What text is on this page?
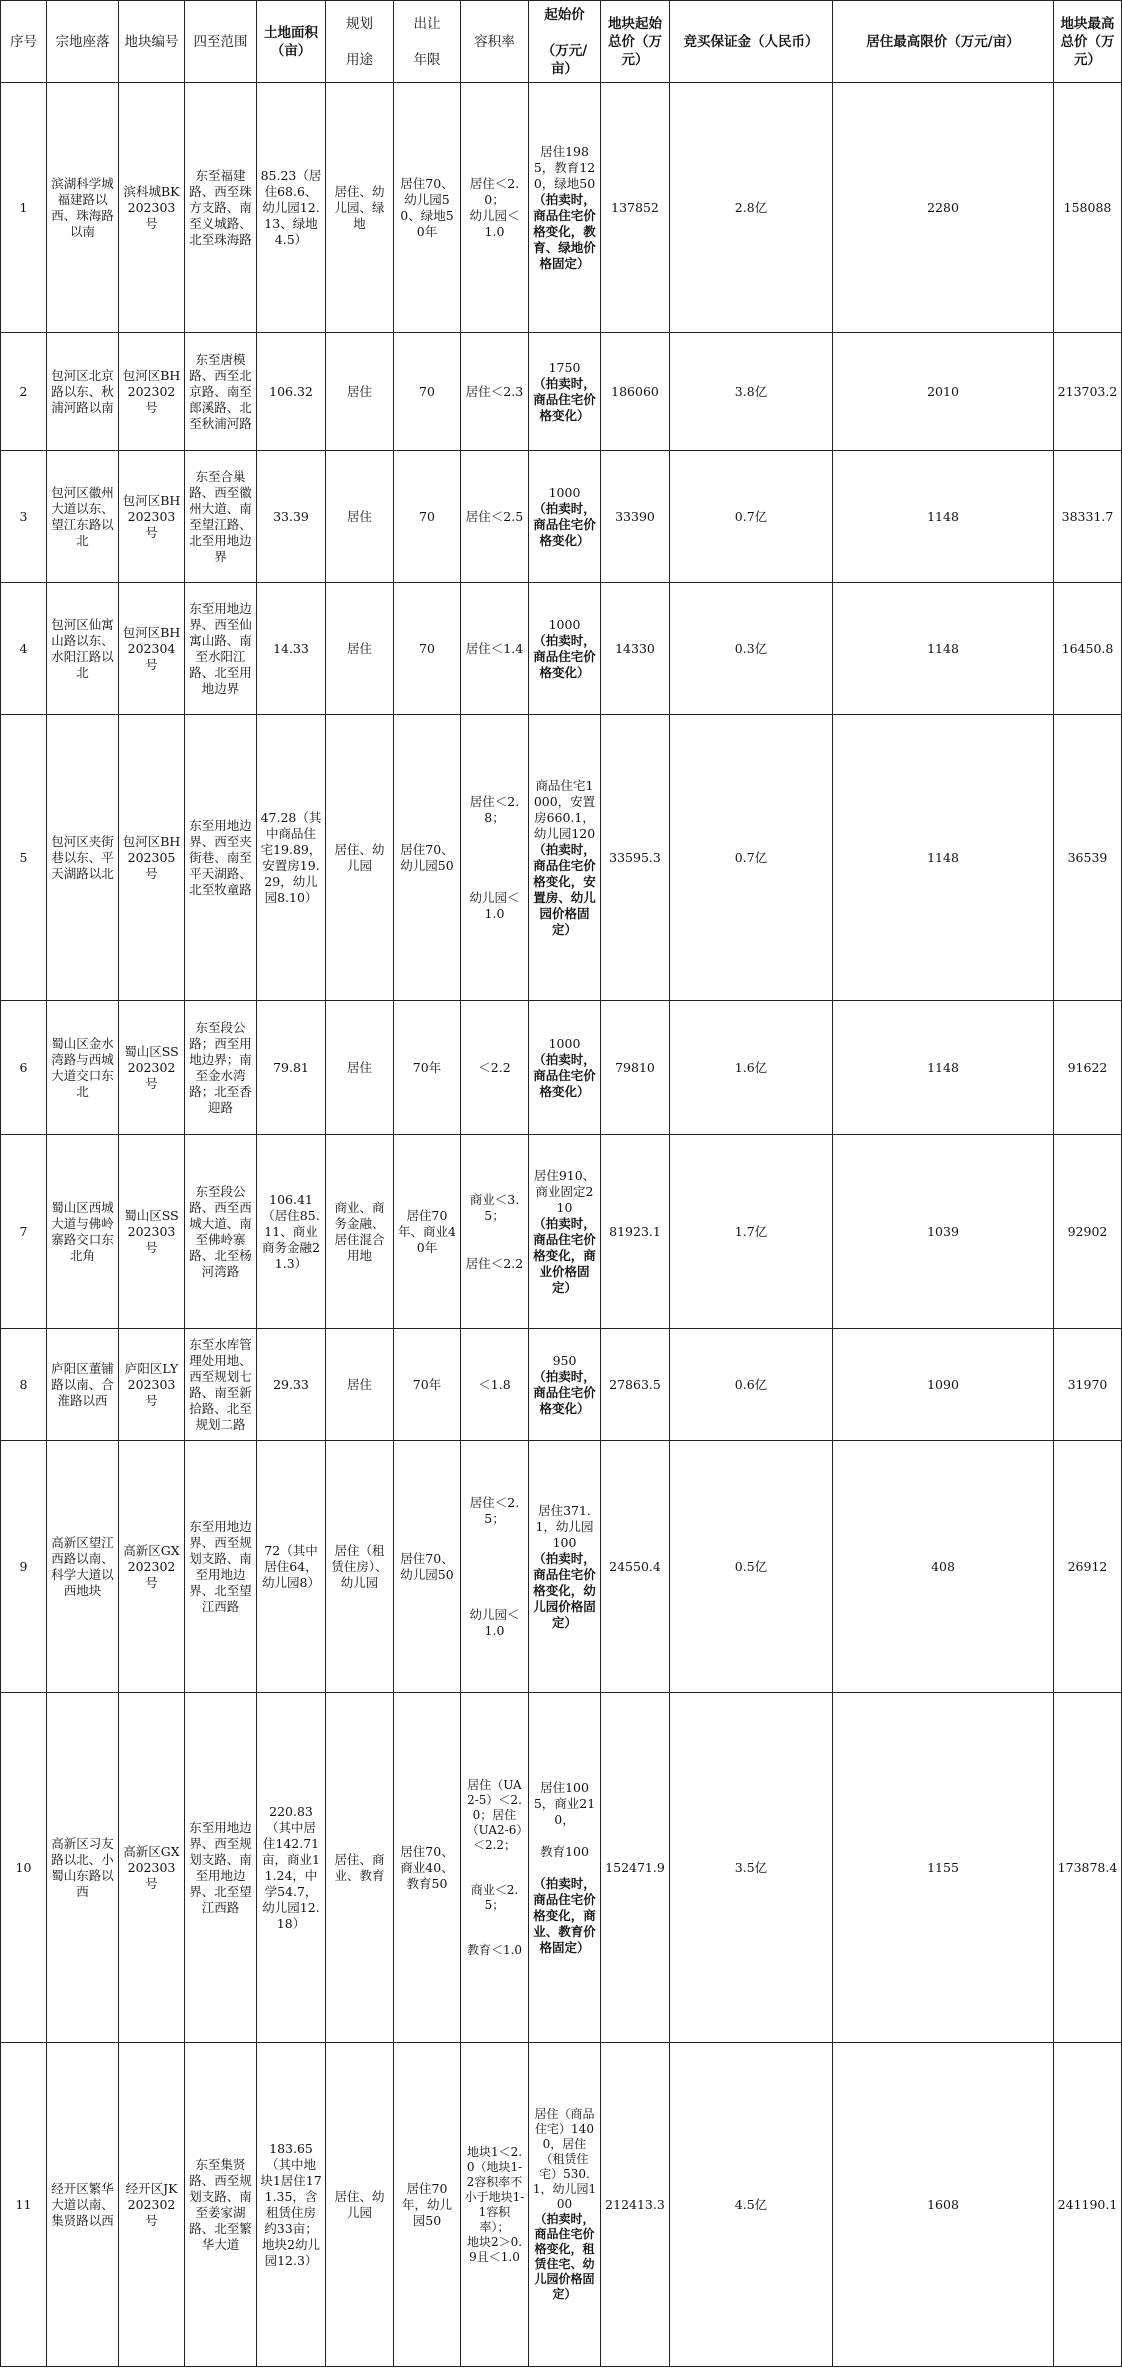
序号	宗地座落	地块编号	四至范围	土地面积（亩）	规划

用途	出让

年限	容积率	起始价

（万元/亩）	地块起始总价（万元）	竞买保证金（人民币）	居住最高限价（万元/亩）	地块最高总价（万元）
1	滨湖科学城福建路以西、珠海路以南	滨科城BK202303号	东至福建路、西至珠方支路、南至义城路、北至珠海路	85.23（居住68.6、幼儿园12.13、绿地4.5）	居住、幼儿园、绿地	居住70、幼儿园50、绿地50年	居住＜2.0；
幼儿园＜1.0	居住1985，教育120，绿地50
（拍卖时，商品住宅价格变化，教育、绿地价格固定）	137852	2.8亿	2280	158088
2	包河区北京路以东、秋浦河路以南	包河区BH202302号	东至唐模路、西至北京路、南至郎溪路、北至秋浦河路	106.32	居住	70	居住＜2.3	1750
（拍卖时，商品住宅价格变化）	186060	3.8亿	2010	213703.2
3	包河区徽州大道以东、望江东路以北	包河区BH202303号	东至合巢路、西至徽州大道、南至望江路、北至用地边界	33.39	居住	70	居住＜2.5	1000
（拍卖时，商品住宅价格变化）	33390	0.7亿	1148	38331.7
4	包河区仙寓山路以东、水阳江路以北	包河区BH202304号	东至用地边界、西至仙寓山路、南至水阳江路、北至用地边界	14.33	居住	70	居住＜1.4	1000
（拍卖时，商品住宅价格变化）	14330	0.3亿	1148	16450.8
5	包河区夹街巷以东、平天湖路以北	包河区BH202305号	东至用地边界、西至夹街巷、南至平天湖路、北至牧童路	47.28（其中商品住宅19.89，安置房19.29，幼儿园8.10）	居住、幼儿园	居住70、幼儿园50	居住＜2.8；

幼儿园＜1.0	商品住宅1000，安置房660.1，幼儿园120
（拍卖时，商品住宅价格变化，安置房、幼儿园价格固定）	33595.3	0.7亿	1148	36539
6	蜀山区金水湾路与西城大道交口东北	蜀山区SS202302号	东至段公路；西至用地边界；南至金水湾路；北至香迎路	79.81	居住	70年	＜2.2	1000
（拍卖时，商品住宅价格变化）	79810	1.6亿	1148	91622
7	蜀山区西城大道与佛岭寨路交口东北角	蜀山区SS202303号	东至段公路、西至西城大道、南至佛岭寨路、北至杨河湾路	106.41（居住85.11、商业商务金融21.3）	商业、商务金融、居住混合用地	居住70年、商业40年	商业＜3.5；

居住＜2.2	居住910、商业固定210
（拍卖时，商品住宅价格变化，商业价格固定）	81923.1	1.7亿	1039	92902
8	庐阳区董铺路以南、合淮路以西	庐阳区LY202303号	东至水库管理处用地、西至规划七路、南至新拾路、北至规划二路	29.33	居住	70年	＜1.8	950
（拍卖时，商品住宅价格变化）	27863.5	0.6亿	1090	31970
9	高新区望江西路以南、科学大道以西地块	高新区GX202302号	东至用地边界、西至规划支路、南至用地边界、北至望江西路	72（其中居住64，幼儿园8）	居住（租赁住房）、幼儿园	居住70、幼儿园50	居住＜2.5；

幼儿园＜1.0	居住371.1，幼儿园100
（拍卖时，商品住宅价格变化，幼儿园价格固定）	24550.4	0.5亿	408	26912
10	高新区习友路以北、小蜀山东路以西	高新区GX202303号	东至用地边界、西至规划支路、南至用地边界、北至望江西路	220.83（其中居住142.71亩，商业11.24，中学54.7，幼儿园12.18）	居住、商业、教育	居住70、商业40、教育50	居住（UA2-5）＜2.0；居住（UA2-6）＜2.2；

商业＜2.5；

教育＜1.0	居住1005，商业210，

教育100

（拍卖时，商品住宅价格变化，商业、教育价格固定）	152471.9	3.5亿	1155	173878.4
11	经开区繁华大道以南、集贤路以西	经开区JK202302号	东至集贤路、西至规划支路、南至姜家湖路、北至繁华大道	183.65（其中地块1居住171.35，含租赁住房约33亩；地块2幼儿园12.3）	居住、幼儿园	居住70年，幼儿园50	地块1＜2.0（地块1-2容积率不小于地块1-1容积率）；
地块2＞0.9且＜1.0	居住（商品住宅）1400，居住（租赁住宅）530.1，幼儿园100
（拍卖时，商品住宅价格变化，租赁住宅、幼儿园价格固定）	212413.3	4.5亿	1608	241190.1
